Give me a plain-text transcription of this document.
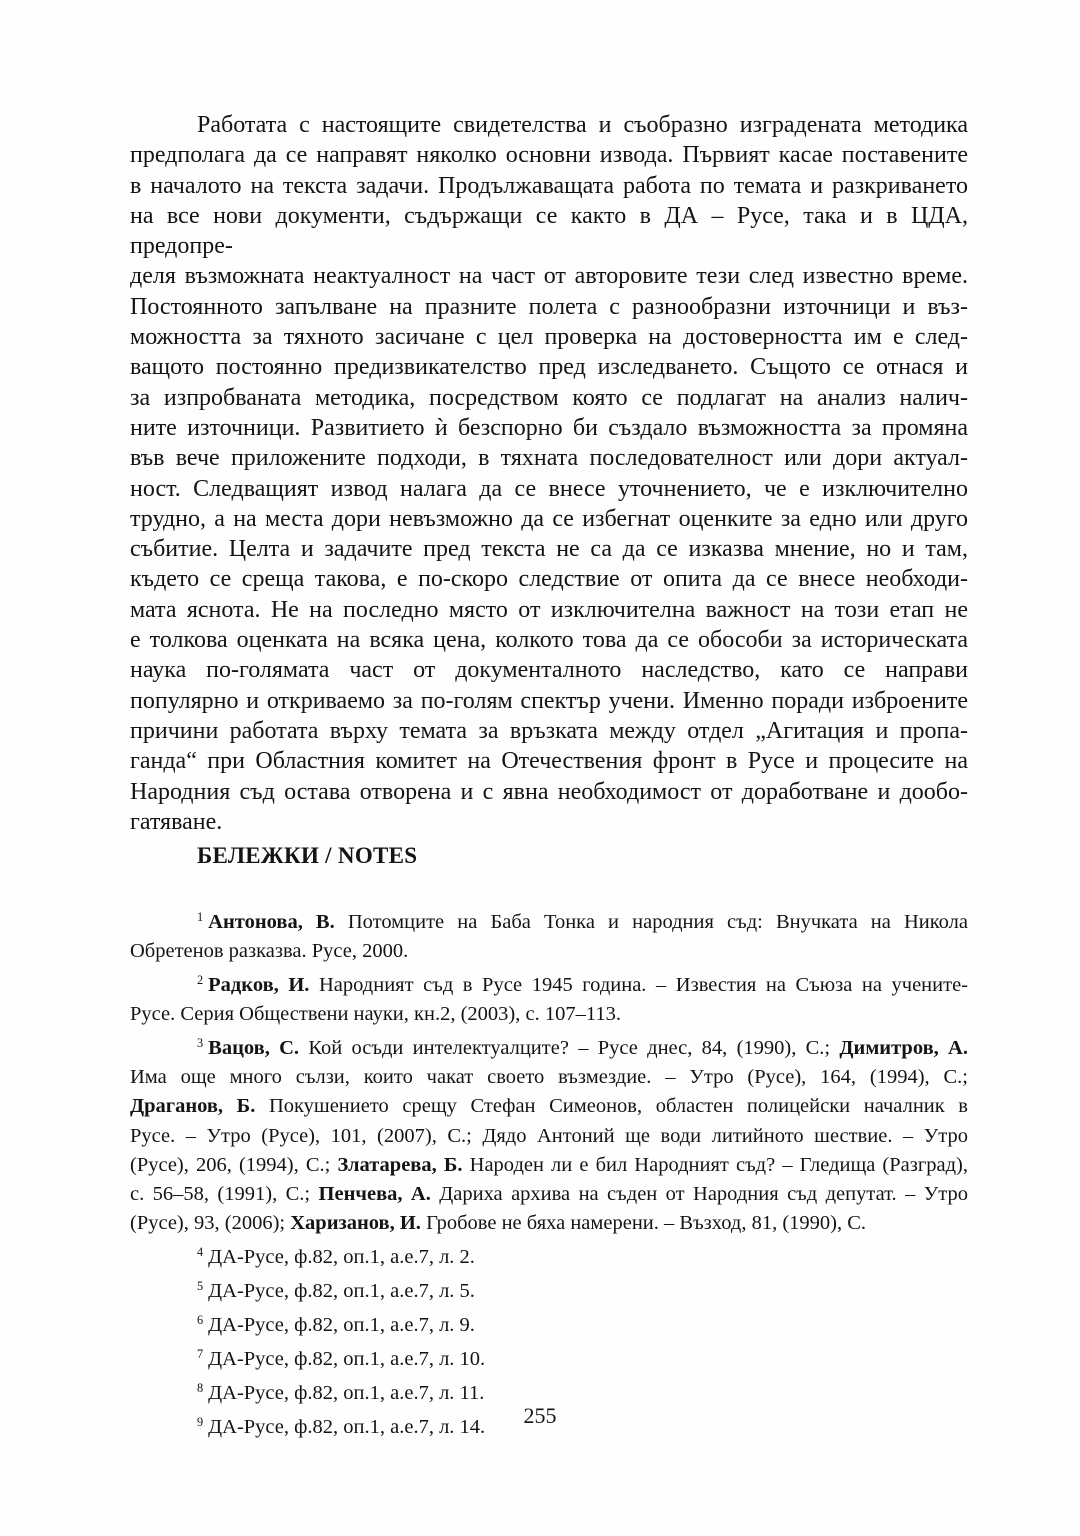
Работата с настоящите свидетелства и съобразно изградената методика
предполага да се направят няколко основни извода. Първият касае поставените
в началото на текста задачи. Продължаващата работа по темата и разкриването
на все нови документи, съдържащи се както в ДА – Русе, така и в ЦДА, предопре-
деля възможната неактуалност на част от авторовите тези след известно време.
Постоянното запълване на празните полета с разнообразни източници и въз-
можността за тяхното засичане с цел проверка на достоверността им е след-
ващото постоянно предизвикателство пред изследването. Същото се отнася и
за изпробваната методика, посредством която се подлагат на анализ налич-
ните източници. Развитието ѝ безспорно би създало възможността за промяна
във вече приложените подходи, в тяхната последователност или дори актуал-
ност. Следващият извод налага да се внесе уточнението, че е изключително
трудно, а на места дори невъзможно да се избегнат оценките за едно или друго
събитие. Целта и задачите пред текста не са да се изказва мнение, но и там,
където се среща такова, е по-скоро следствие от опита да се внесе необходи-
мата яснота. Не на последно място от изключителна важност на този етап не
е толкова оценката на всяка цена, колкото това да се обособи за историческата
наука по-голямата част от документалното наследство, като се направи
популярно и откриваемо за по-голям спектър учени. Именно поради изброените
причини работата върху темата за връзката между отдел „Агитация и пропа-
ганда“ при Областния комитет на Отечествения фронт в Русе и процесите на
Народния съд остава отворена и с явна необходимост от доработване и дообо-
гатяване.
БЕЛЕЖКИ / NOTES
$^1$ Антонова, В. Потомците на Баба Тонка и народния съд: Внучката на Никола
Обретенов разказва. Русе, 2000.
$^2$ Радков, И. Народният съд в Русе 1945 година. – Известия на Съюза на учените-
Русе. Серия Обществени науки, кн.2, (2003), с. 107–113.
$^3$ Вацов, С. Кой осъди интелектуалците? – Русе днес, 84, (1990), С.; Димитров, А.
Има още много сълзи, които чакат своето възмездие. – Утро (Русе), 164, (1994), С.;
Драганов, Б. Покушението срещу Стефан Симеонов, областен полицейски началник в
Русе. – Утро (Русе), 101, (2007), С.; Дядо Антоний ще води литийното шествие. – Утро
(Русе), 206, (1994), С.; Златарева, Б. Народен ли е бил Народният съд? – Гледища (Разград),
с. 56–58, (1991), С.; Пенчева, А. Дариха архива на съден от Народния съд депутат. – Утро
(Русе), 93, (2006); Харизанов, И. Гробове не бяха намерени. – Възход, 81, (1990), С.
$^4$ ДА-Русе, ф.82, оп.1, а.е.7, л. 2.
$^5$ ДА-Русе, ф.82, оп.1, а.е.7, л. 5.
$^6$ ДА-Русе, ф.82, оп.1, а.е.7, л. 9.
$^7$ ДА-Русе, ф.82, оп.1, а.е.7, л. 10.
$^8$ ДА-Русе, ф.82, оп.1, а.е.7, л. 11.
$^9$ ДА-Русе, ф.82, оп.1, а.е.7, л. 14.	255
